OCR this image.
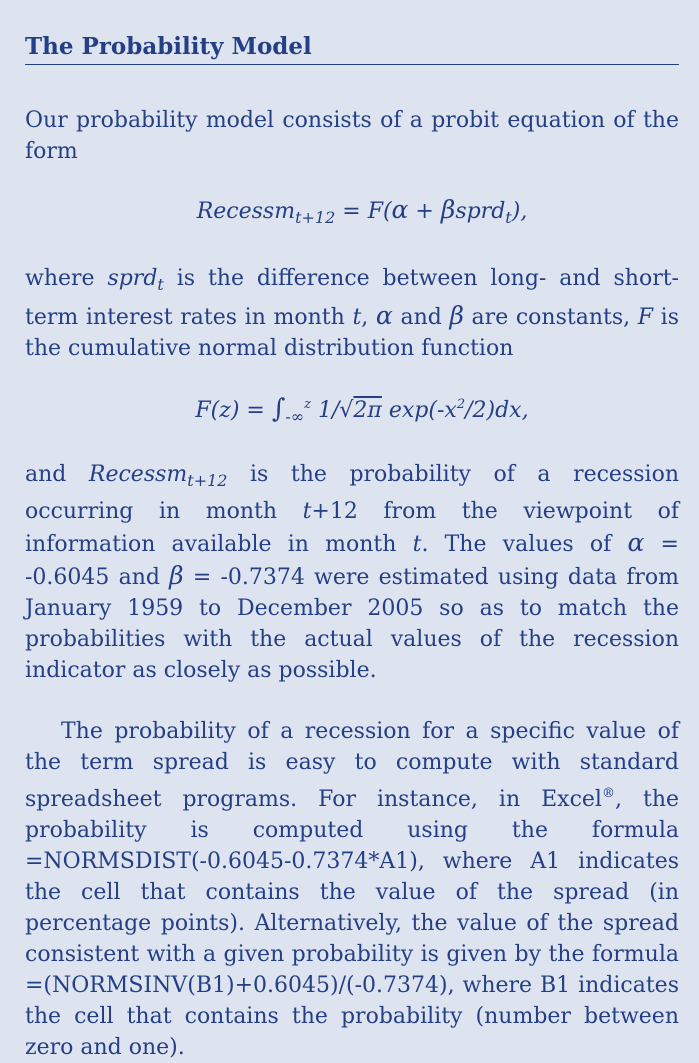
The Probability Model

Our probability model consists of a probit equation of the form

Recessm$_{t+12}$ = F(α + βsprd$_t$),

where sprd$_t$ is the difference between long- and short-term interest rates in month t, α and β are constants, F is the cumulative normal distribution function

$F(z) = \int_{-\infty}^z$ 1/√2π $\exp(-x^2/2)dx$,

and Recessm$_{t+12}$ is the probability of a recession occurring in month t+12 from the viewpoint of information available in month t. The values of α = -0.6045 and β = -0.7374 were estimated using data from January 1959 to December 2005 so as to match the probabilities with the actual values of the recession indicator as closely as possible.

The probability of a recession for a specific value of the term spread is easy to compute with standard spreadsheet programs. For instance, in Excel®, the probability is computed using the formula =NORMSDIST(-0.6045-0.7374*A1), where A1 indicates the cell that contains the value of the spread (in percentage points). Alternatively, the value of the spread consistent with a given probability is given by the formula =(NORMSINV(B1)+0.6045)/(-0.7374), where B1 indicates the cell that contains the probability (number between zero and one).
